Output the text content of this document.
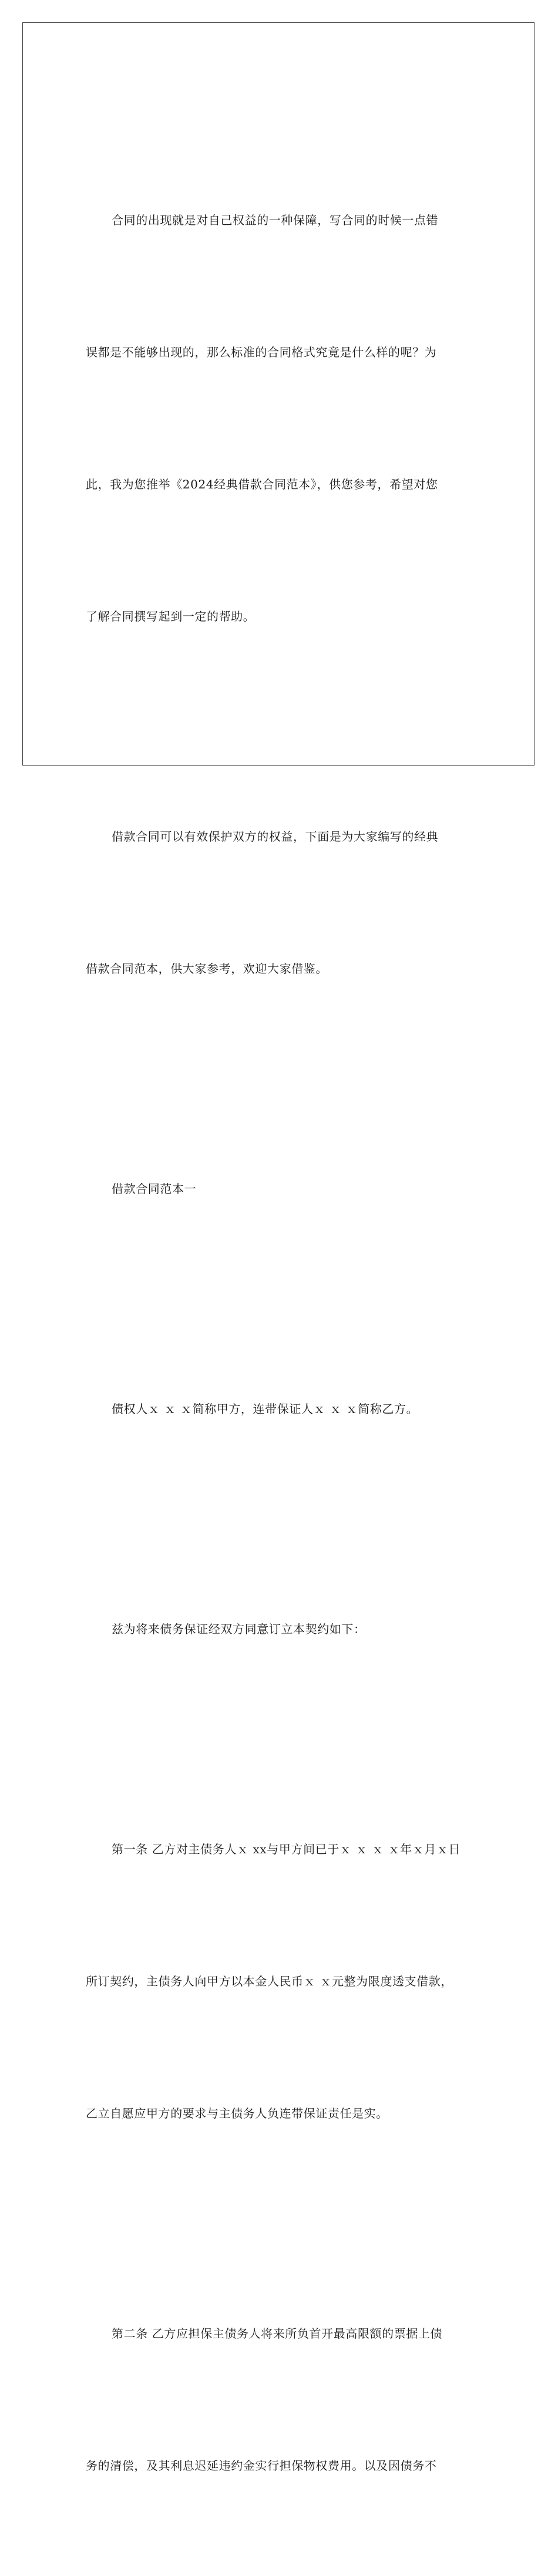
合同的出现就是对自己权益的一种保障，写合同的时候一点错

误都是不能够出现的，那么标准的合同格式究竟是什么样的呢？为

此，我为您推举《2024经典借款合同范本》，供您参考，希望对您

了解合同撰写起到一定的帮助。

借款合同可以有效保护双方的权益，下面是为大家编写的经典

借款合同范本，供大家参考，欢迎大家借鉴。

借款合同范本一

债权人ｘ ｘ ｘ简称甲方，连带保证人ｘ ｘ ｘ简称乙方。

兹为将来债务保证经双方同意订立本契约如下：

第一条 乙方对主债务人ｘ xx与甲方间已于ｘ ｘ ｘ ｘ年ｘ月ｘ日

所订契约，主债务人向甲方以本金人民币ｘ ｘ元整为限度透支借款，

乙立自愿应甲方的要求与主债务人负连带保证责任是实。

第二条 乙方应担保主债务人将来所负首开最高限额的票据上债

务的清偿，及其利息迟延违约金实行担保物权费用。以及因债务不
